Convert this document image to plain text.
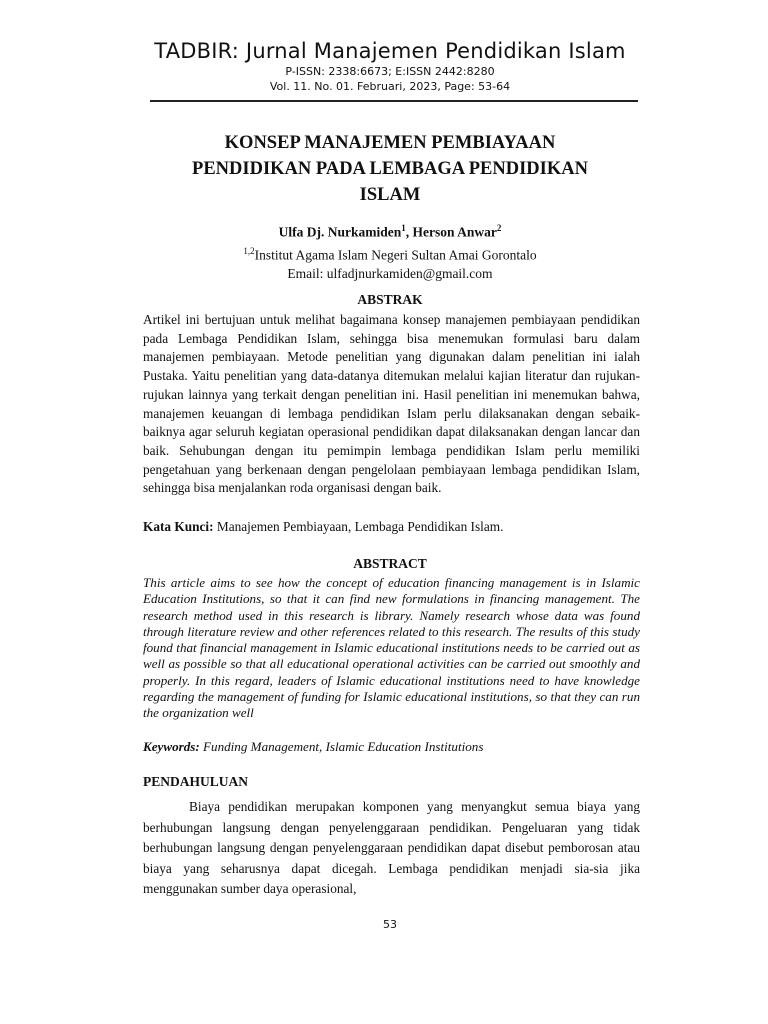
TADBIR: Jurnal Manajemen Pendidikan Islam
P-ISSN: 2338:6673; E:ISSN 2442:8280
Vol. 11. No. 01. Februari, 2023, Page: 53-64
KONSEP MANAJEMEN PEMBIAYAAN
PENDIDIKAN PADA LEMBAGA PENDIDIKAN
ISLAM
Ulfa Dj. Nurkamiden$^1$, Herson Anwar$^2$
$^{1,2}$Institut Agama Islam Negeri Sultan Amai Gorontalo
Email: ulfadjnurkamiden@gmail.com
ABSTRAK
Artikel ini bertujuan untuk melihat bagaimana konsep manajemen pembiayaan pendidikan pada Lembaga Pendidikan Islam, sehingga bisa menemukan formulasi baru dalam manajemen pembiayaan. Metode penelitian yang digunakan dalam penelitian ini ialah Pustaka. Yaitu penelitian yang data-datanya ditemukan melalui kajian literatur dan rujukan-rujukan lainnya yang terkait dengan penelitian ini. Hasil penelitian ini menemukan bahwa, manajemen keuangan di lembaga pendidikan Islam perlu dilaksanakan dengan sebaik-baiknya agar seluruh kegiatan operasional pendidikan dapat dilaksanakan dengan lancar dan baik. Sehubungan dengan itu pemimpin lembaga pendidikan Islam perlu memiliki pengetahuan yang berkenaan dengan pengelolaan pembiayaan lembaga pendidikan Islam, sehingga bisa menjalankan roda organisasi dengan baik.
Kata Kunci: Manajemen Pembiayaan, Lembaga Pendidikan Islam.
ABSTRACT
This article aims to see how the concept of education financing management is in Islamic Education Institutions, so that it can find new formulations in financing management. The research method used in this research is library. Namely research whose data was found through literature review and other references related to this research. The results of this study found that financial management in Islamic educational institutions needs to be carried out as well as possible so that all educational operational activities can be carried out smoothly and properly. In this regard, leaders of Islamic educational institutions need to have knowledge regarding the management of funding for Islamic educational institutions, so that they can run the organization well
Keywords: Funding Management, Islamic Education Institutions
PENDAHULUAN
Biaya pendidikan merupakan komponen yang menyangkut semua biaya yang berhubungan langsung dengan penyelenggaraan pendidikan. Pengeluaran yang tidak berhubungan langsung dengan penyelenggaraan pendidikan dapat disebut pemborosan atau biaya yang seharusnya dapat dicegah. Lembaga pendidikan menjadi sia-sia jika menggunakan sumber daya operasional,
53
